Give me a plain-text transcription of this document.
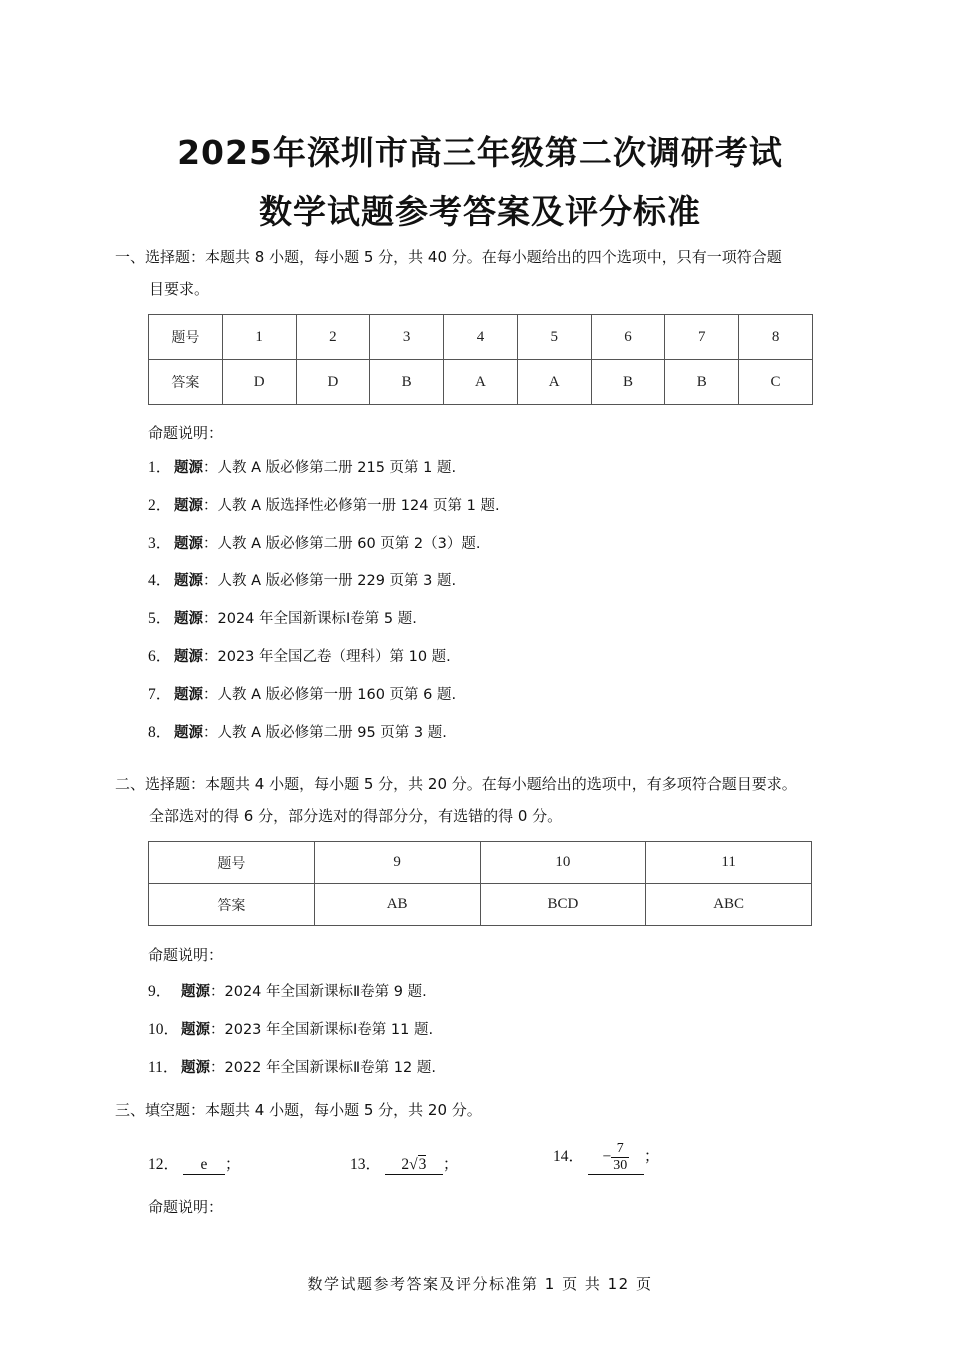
2025年深圳市高三年级第二次调研考试
数学试题参考答案及评分标准
一、选择题：本题共 8 小题，每小题 5 分，共 40 分。在每小题给出的四个选项中，只有一项符合题
目要求。
题号	1	2	3	4	5	6	7	8
答案	D	D	B	A	A	B	B	C
命题说明：
1． 题源：人教 A 版必修第二册 215 页第 1 题.
2． 题源：人教 A 版选择性必修第一册 124 页第 1 题.
3． 题源：人教 A 版必修第二册 60 页第 2（3）题.
4． 题源：人教 A 版必修第一册 229 页第 3 题.
5． 题源：2024 年全国新课标Ⅰ卷第 5 题.
6． 题源：2023 年全国乙卷（理科）第 10 题.
7． 题源：人教 A 版必修第一册 160 页第 6 题.
8． 题源：人教 A 版必修第二册 95 页第 3 题.
二、选择题：本题共 4 小题，每小题 5 分，共 20 分。在每小题给出的选项中，有多项符合题目要求。
全部选对的得 6 分，部分选对的得部分分，有选错的得 0 分。
题号	9	10	11
答案	AB	BCD	ABC
命题说明：
9． 题源：2024 年全国新课标Ⅱ卷第 9 题.
10． 题源：2023 年全国新课标Ⅰ卷第 11 题.
11． 题源：2022 年全国新课标Ⅱ卷第 12 题.
三、填空题：本题共 4 小题，每小题 5 分，共 20 分。
12． e ；	13． 2√3 ；	14． − $\frac{7}{30}$ ；
命题说明：
数学试题参考答案及评分标准第 1 页 共 12 页
